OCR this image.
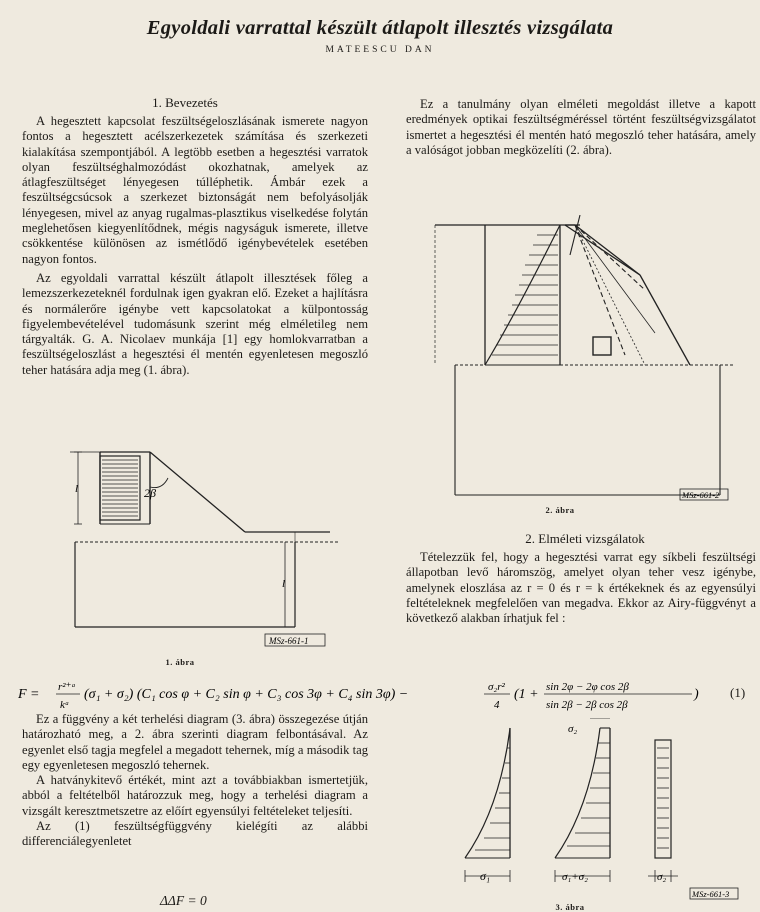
Egyoldali varrattal készült átlapolt illesztés vizsgálata
MATEESCU DAN
1. Bevezetés

A hegesztett kapcsolat feszültségeloszlásának ismerete nagyon fontos a hegesztett acélszerkezetek számítása és szerkezeti kialakítása szempontjából. A legtöbb esetben a hegesztési varratok olyan feszültséghalmozódást okozhatnak, amelyek az átlagfeszültséget lényegesen túlléphetik. Ámbár ezek a feszültségcsúcsok a szerkezet biztonságát nem befolyásolják lényegesen, mivel az anyag rugalmas-plasztikus viselkedése folytán meglehetősen kiegyenlítődnek, mégis nagyságuk ismerete, illetve csökkentése különösen az ismétlődő igénybevételek esetében nagyon fontos.

Az egyoldali varrattal készült átlapolt illesztések főleg a lemezszerkezeteknél fordulnak igen gyakran elő. Ezeket a hajlításra és normálerőre igénybe vett kapcsolatokat a külpontosság figyelembevételével tudomásunk szerint még elméletileg nem tárgyalták. G. A. Nicolaev munkája [1] egy homlokvarratban a feszültségeloszlást a hegesztési él mentén egyenletesen megoszló teher hatására adja meg (1. ábra).

2β
l
l
MSz-661-1
1. ábra

Ez a tanulmány olyan elméleti megoldást illetve a kapott eredmények optikai feszültségméréssel történt feszültségvizsgálatot ismertet a hegesztési él mentén ható megoszló teher hatására, amely a valóságot jobban megközelíti (2. ábra).

MSz-661-2
2. ábra
2. Elméleti vizsgálatok

Tételezzük fel, hogy a hegesztési varrat egy síkbeli feszültségi állapotban levő háromszög, amelyet olyan teher vesz igénybe, amelynek eloszlása az r = 0 és r = k értékeknek és az egyensúlyi feltételeknek megfelelően van megadva. Ekkor az Airy-függvényt a következő alakban írhatjuk fel :

F = r²⁺ᵃ
kᵃ
(σ₁ + σ₂) (C₁ cos φ + C₂ sin φ + C₃ cos 3φ + C₄ sin 3φ) −	σ₂r²
4
(1 + sin 2φ − 2φ cos 2β
sin 2β − 2β cos 2β
) (1)

Ez a függvény a két terhelési diagram (3. ábra) összegezése útján határozható meg, a 2. ábra szerinti diagram felbontásával. Az egyenlet első tagja megfelel a megadott tehernek, míg a második tag egy egyenletesen megoszló tehernek.

A hatványkitevő értékét, mint azt a továbbiakban ismertetjük, abból a feltételből határozzuk meg, hogy a terhelési diagram a vizsgált keresztmetszetre az előírt egyensúlyi feltételeket teljesíti.

Az (1) feszültségfüggvény kielégíti az alábbi differenciálegyenletet

ΔΔF = 0
σ₁	σ₁+σ₂
σ₂
σ₂
MSz-661-3
3. ábra
